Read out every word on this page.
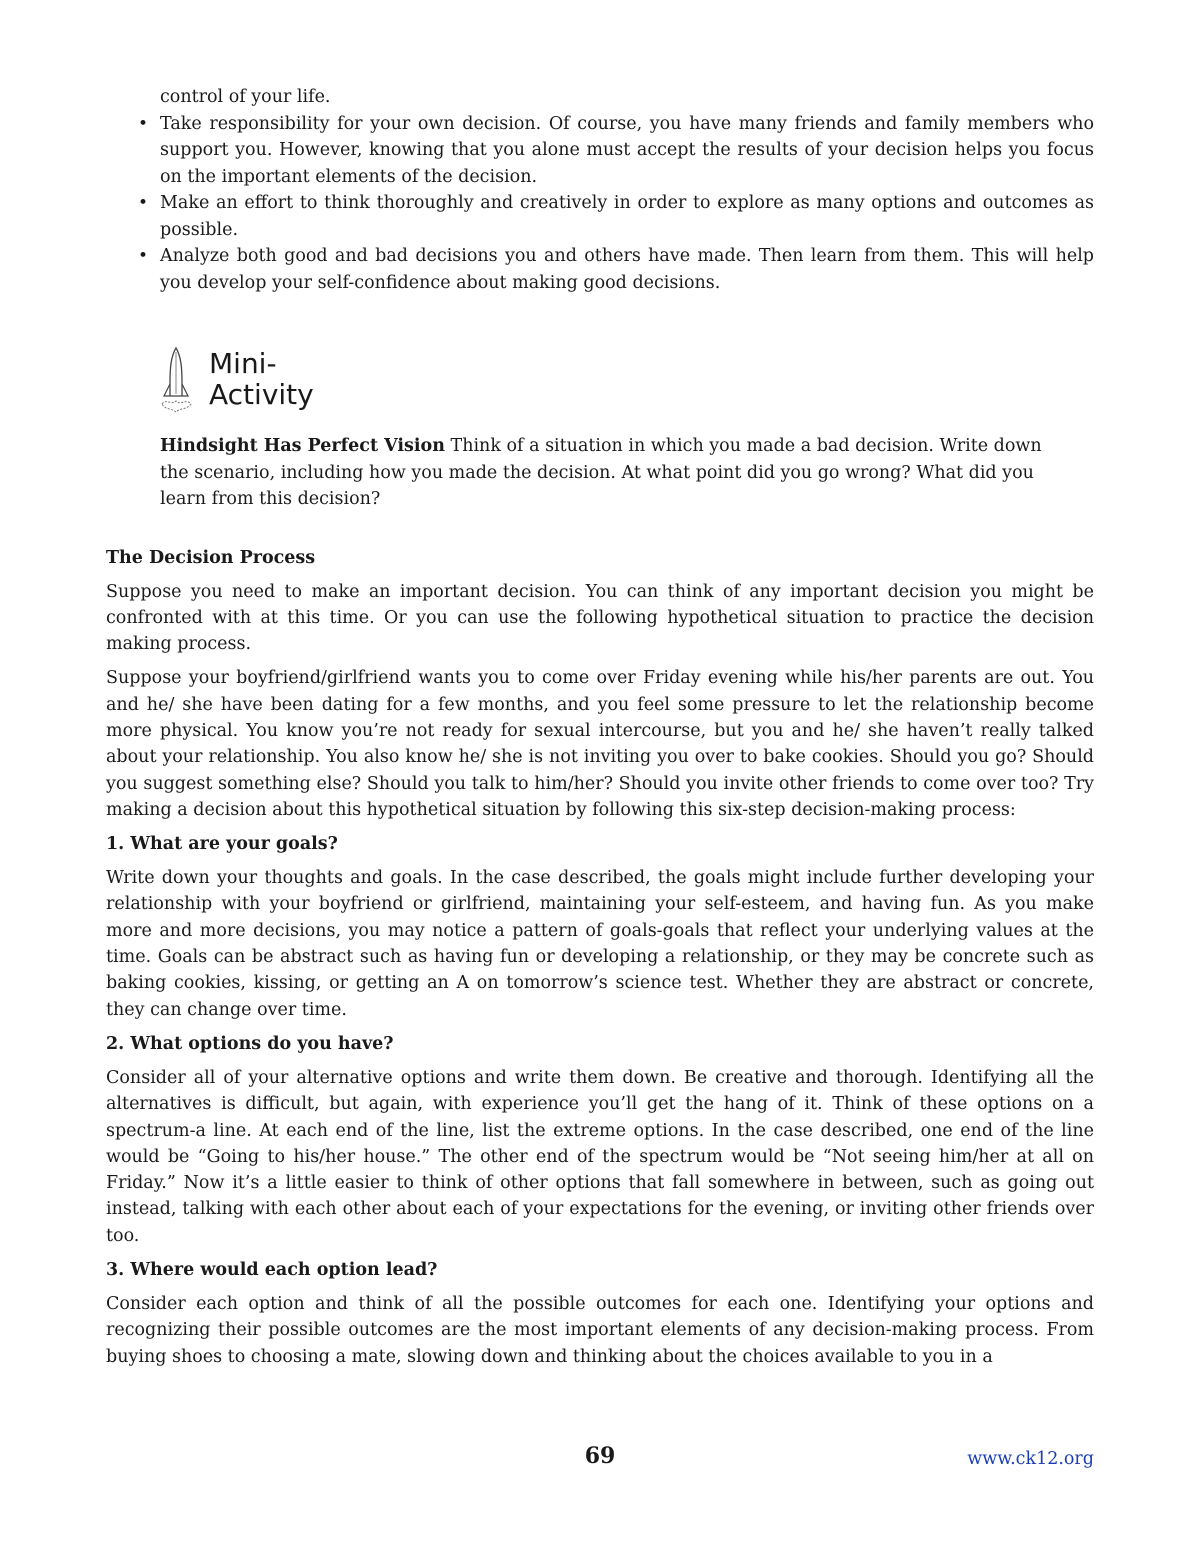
control of your life.
• Take responsibility for your own decision. Of course, you have many friends and family members who support you. However, knowing that you alone must accept the results of your decision helps you focus on the important elements of the decision.
• Make an effort to think thoroughly and creatively in order to explore as many options and outcomes as possible.
• Analyze both good and bad decisions you and others have made. Then learn from them. This will help you develop your self-confidence about making good decisions.
Mini-
Activity
Hindsight Has Perfect Vision Think of a situation in which you made a bad decision. Write down the scenario, including how you made the decision. At what point did you go wrong? What did you learn from this decision?
The Decision Process

Suppose you need to make an important decision. You can think of any important decision you might be confronted with at this time. Or you can use the following hypothetical situation to practice the decision making process.

Suppose your boyfriend/girlfriend wants you to come over Friday evening while his/her parents are out. You and he/ she have been dating for a few months, and you feel some pressure to let the relationship become more physical. You know you’re not ready for sexual intercourse, but you and he/ she haven’t really talked about your relationship. You also know he/ she is not inviting you over to bake cookies. Should you go? Should you suggest something else? Should you talk to him/her? Should you invite other friends to come over too? Try making a decision about this hypothetical situation by following this six-step decision-making process:

1. What are your goals?

Write down your thoughts and goals. In the case described, the goals might include further developing your relationship with your boyfriend or girlfriend, maintaining your self-esteem, and having fun. As you make more and more decisions, you may notice a pattern of goals-goals that reflect your underlying values at the time. Goals can be abstract such as having fun or developing a relationship, or they may be concrete such as baking cookies, kissing, or getting an A on tomorrow’s science test. Whether they are abstract or concrete, they can change over time.

2. What options do you have?

Consider all of your alternative options and write them down. Be creative and thorough. Identifying all the alternatives is difficult, but again, with experience you’ll get the hang of it. Think of these options on a spectrum-a line. At each end of the line, list the extreme options. In the case described, one end of the line would be “Going to his/her house.” The other end of the spectrum would be “Not seeing him/her at all on Friday.” Now it’s a little easier to think of other options that fall somewhere in between, such as going out instead, talking with each other about each of your expectations for the evening, or inviting other friends over too.

3. Where would each option lead?

Consider each option and think of all the possible outcomes for each one. Identifying your options and recognizing their possible outcomes are the most important elements of any decision-making process. From buying shoes to choosing a mate, slowing down and thinking about the choices available to you in a

69	www.ck12.org
